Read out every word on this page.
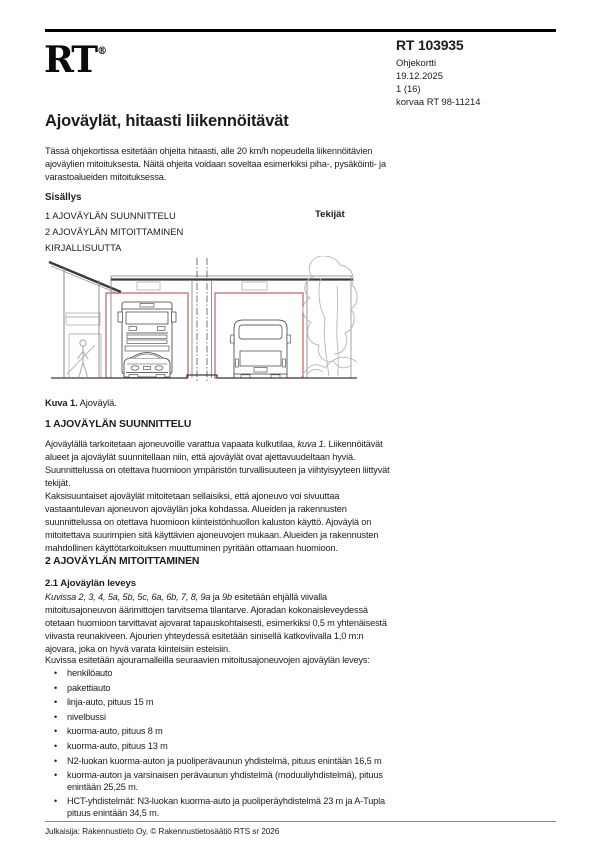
RT®	RT 103935
Ohjekortti
19.12.2025
1 (16)
korvaa RT 98-11214
Ajoväylät, hitaasti liikennöitävät
Tässä ohjekortissa esitetään ohjeita hitaasti, alle 20 km/h nopeudella liikennöitävien ajoväylien mitoituksesta. Näitä ohjeita voidaan soveltaa esimerkiksi piha-, pysäköinti- ja varastoalueiden mitoituksessa.
Sisällys
1 AJOVÄYLÄN SUUNNITTELU
2 AJOVÄYLÄN MITOITTAMINEN
KIRJALLISUUTTA
Tekijät
Kuva 1. Ajoväylä.
1 AJOVÄYLÄN SUUNNITTELU
Ajoväylällä tarkoitetaan ajoneuvoille varattua vapaata kulkutilaa, kuva 1. Liikennöitävät alueet ja ajoväylät suunnitellaan niin, että ajoväylät ovat ajettavuudeltaan hyviä. Suunnittelussa on otettava huomioon ympäristön turvallisuuteen ja viihtyisyyteen liittyvät tekijät.
Kaksisuuntaiset ajoväylät mitoitetaan sellaisiksi, että ajoneuvo voi sivuuttaa vastaantulevan ajoneuvon ajoväylän joka kohdassa. Alueiden ja rakennusten suunnittelussa on otettava huomioon kiinteistönhuollon kaluston käyttö. Ajoväylä on mitoitettava suurimpien sitä käyttävien ajoneuvojen mukaan. Alueiden ja rakennusten mahdollinen käyttötarkoituksen muuttuminen pyritään ottamaan huomioon.
2 AJOVÄYLÄN MITOITTAMINEN
2.1 Ajoväylän leveys
Kuvissa 2, 3, 4, 5a, 5b, 5c, 6a, 6b, 7, 8, 9a ja 9b esitetään ehjällä viivalla mitoitusajoneuvon äärimittojen tarvitsema tilantarve. Ajoradan kokonaisleveydessä otetaan huomioon tarvittavat ajovarat tapauskohtaisesti, esimerkiksi 0,5 m yhtenäisestä viivasta reunakiveen. Ajourien yhteydessä esitetään sinisellä katkoviivalla 1,0 m:n ajovara, joka on hyvä varata kiinteisiin esteisiin.
Kuvissa esitetään ajouramalleilla seuraavien mitoitusajoneuvojen ajoväylän leveys:
• henkilöauto
• pakettiauto
• linja-auto, pituus 15 m
• nivelbussi
• kuorma-auto, pituus 8 m
• kuorma-auto, pituus 13 m
• N2-luokan kuorma-auton ja puoliperävaunun yhdistelmä, pituus enintään 16,5 m
• kuorma-auton ja varsinaisen perävaunun yhdistelmä (moduuliyhdistelmä), pituus enintään 25,25 m.
• HCT-yhdistelmät: N3-luokan kuorma-auto ja puoliperäyhdistelmä 23 m ja A-Tupla pituus enintään 34,5 m.
Julkaisija: Rakennustieto Oy, © Rakennustietosäätiö RTS sr 2026
